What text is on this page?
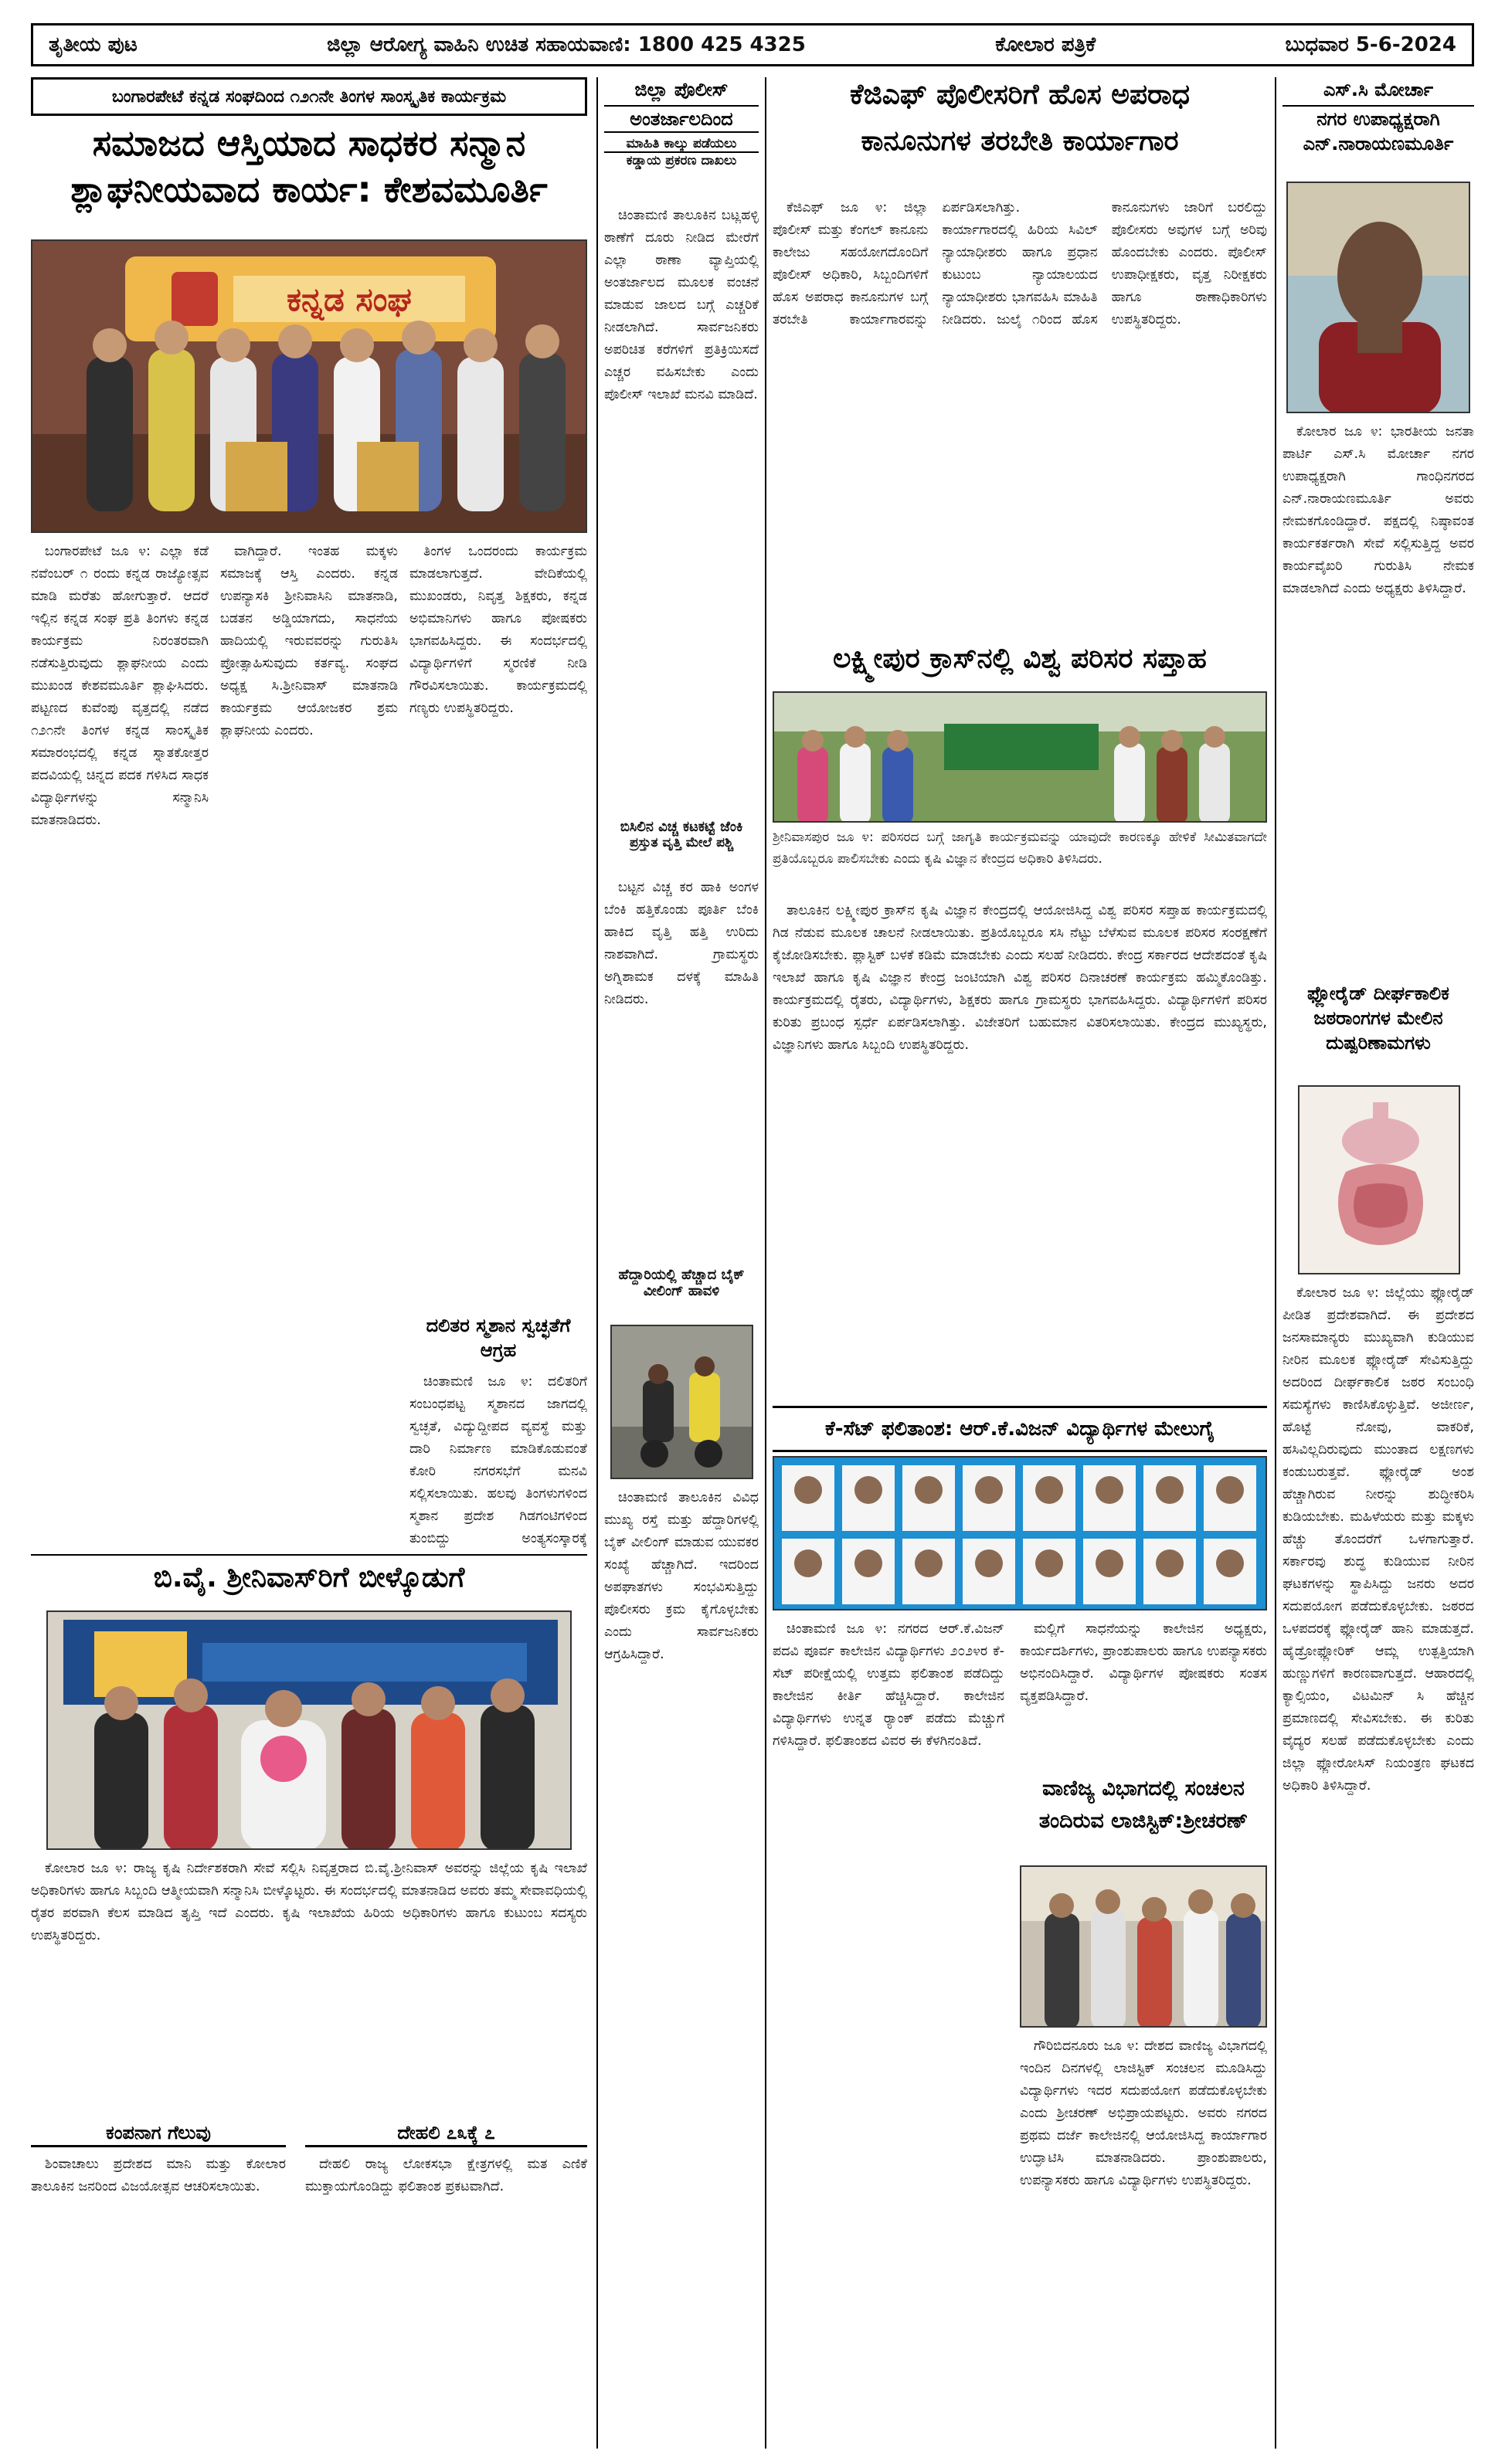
ತೃತೀಯ ಪುಟ	ಜಿಲ್ಲಾ ಆರೋಗ್ಯ ವಾಹಿನಿ ಉಚಿತ ಸಹಾಯವಾಣಿ: 1800 425 4325	ಕೋಲಾರ ಪತ್ರಿಕೆ	ಬುಧವಾರ 5-6-2024
ಬಂಗಾರಪೇಟೆ ಕನ್ನಡ ಸಂಘದಿಂದ ೧೨೧ನೇ ತಿಂಗಳ ಸಾಂಸ್ಕೃತಿಕ ಕಾರ್ಯಕ್ರಮ
ಸಮಾಜದ ಆಸ್ತಿಯಾದ ಸಾಧಕರ ಸನ್ಮಾನ
ಶ್ಲಾಘನೀಯವಾದ ಕಾರ್ಯ: ಕೇಶವಮೂರ್ತಿ
ಕನ್ನಡ ಸಂಘ

ಬಂಗಾರಪೇಟೆ ಜೂ ೪: ಎಲ್ಲಾ ಕಡೆ ನವೆಂಬರ್ ೧ ರಂದು ಕನ್ನಡ ರಾಜ್ಯೋತ್ಸವ ಮಾಡಿ ಮರೆತು ಹೋಗುತ್ತಾರೆ. ಆದರೆ ಇಲ್ಲಿನ ಕನ್ನಡ ಸಂಘ ಪ್ರತಿ ತಿಂಗಳು ಕನ್ನಡ ಕಾರ್ಯಕ್ರಮ ನಿರಂತರವಾಗಿ ನಡೆಸುತ್ತಿರುವುದು ಶ್ಲಾಘನೀಯ ಎಂದು ಮುಖಂಡ ಕೇಶವಮೂರ್ತಿ ಶ್ಲಾಘಿಸಿದರು. ಪಟ್ಟಣದ ಕುವೆಂಪು ವೃತ್ತದಲ್ಲಿ ನಡೆದ ೧೨೧ನೇ ತಿಂಗಳ ಕನ್ನಡ ಸಾಂಸ್ಕೃತಿಕ ಸಮಾರಂಭದಲ್ಲಿ ಕನ್ನಡ ಸ್ನಾತಕೋತ್ತರ ಪದವಿಯಲ್ಲಿ ಚಿನ್ನದ ಪದಕ ಗಳಿಸಿದ ಸಾಧಕ ವಿದ್ಯಾರ್ಥಿಗಳನ್ನು ಸನ್ಮಾನಿಸಿ ಮಾತನಾಡಿದರು.

ವಾಗಿದ್ದಾರೆ. ಇಂತಹ ಮಕ್ಕಳು ಸಮಾಜಕ್ಕೆ ಆಸ್ತಿ ಎಂದರು. ಕನ್ನಡ ಉಪನ್ಯಾಸಕಿ ಶ್ರೀನಿವಾಸಿನಿ ಮಾತನಾಡಿ, ಬಡತನ ಅಡ್ಡಿಯಾಗದು, ಸಾಧನೆಯ ಹಾದಿಯಲ್ಲಿ ಇರುವವರನ್ನು ಗುರುತಿಸಿ ಪ್ರೋತ್ಸಾಹಿಸುವುದು ಕರ್ತವ್ಯ. ಸಂಘದ ಅಧ್ಯಕ್ಷ ಸಿ.ಶ್ರೀನಿವಾಸ್ ಮಾತನಾಡಿ ಕಾರ್ಯಕ್ರಮ ಆಯೋಜಕರ ಶ್ರಮ ಶ್ಲಾಘನೀಯ ಎಂದರು.

ತಿಂಗಳ ಒಂದರಂದು ಕಾರ್ಯಕ್ರಮ ಮಾಡಲಾಗುತ್ತದೆ. ವೇದಿಕೆಯಲ್ಲಿ ಮುಖಂಡರು, ನಿವೃತ್ತ ಶಿಕ್ಷಕರು, ಕನ್ನಡ ಅಭಿಮಾನಿಗಳು ಹಾಗೂ ಪೋಷಕರು ಭಾಗವಹಿಸಿದ್ದರು. ಈ ಸಂದರ್ಭದಲ್ಲಿ ವಿದ್ಯಾರ್ಥಿಗಳಿಗೆ ಸ್ಮರಣಿಕೆ ನೀಡಿ ಗೌರವಿಸಲಾಯಿತು. ಕಾರ್ಯಕ್ರಮದಲ್ಲಿ ಗಣ್ಯರು ಉಪಸ್ಥಿತರಿದ್ದರು.

ಬಿ.ವೈ. ಶ್ರೀನಿವಾಸ್‌ರಿಗೆ ಬೀಳ್ಕೊಡುಗೆ

ಕೋಲಾರ ಜೂ ೪: ರಾಜ್ಯ ಕೃಷಿ ನಿರ್ದೇಶಕರಾಗಿ ಸೇವೆ ಸಲ್ಲಿಸಿ ನಿವೃತ್ತರಾದ ಬಿ.ವೈ.ಶ್ರೀನಿವಾಸ್ ಅವರನ್ನು ಜಿಲ್ಲೆಯ ಕೃಷಿ ಇಲಾಖೆ ಅಧಿಕಾರಿಗಳು ಹಾಗೂ ಸಿಬ್ಬಂದಿ ಆತ್ಮೀಯವಾಗಿ ಸನ್ಮಾನಿಸಿ ಬೀಳ್ಕೊಟ್ಟರು. ಈ ಸಂದರ್ಭದಲ್ಲಿ ಮಾತನಾಡಿದ ಅವರು ತಮ್ಮ ಸೇವಾವಧಿಯಲ್ಲಿ ರೈತರ ಪರವಾಗಿ ಕೆಲಸ ಮಾಡಿದ ತೃಪ್ತಿ ಇದೆ ಎಂದರು. ಕೃಷಿ ಇಲಾಖೆಯ ಹಿರಿಯ ಅಧಿಕಾರಿಗಳು ಹಾಗೂ ಕುಟುಂಬ ಸದಸ್ಯರು ಉಪಸ್ಥಿತರಿದ್ದರು.

ಕಂಪನಾಗ ಗೆಲುವು

ಶಿಂವಾಚಾಲು ಪ್ರದೇಶದ ಮಾನಿ ಮತ್ತು ಕೋಲಾರ ತಾಲೂಕಿನ ಜನರಿಂದ ವಿಜಯೋತ್ಸವ ಆಚರಿಸಲಾಯಿತು.

ದೇಹಲಿ ೭೩ಕ್ಕೆ ೭

ದೇಹಲಿ ರಾಜ್ಯ ಲೋಕಸಭಾ ಕ್ಷೇತ್ರಗಳಲ್ಲಿ ಮತ ಎಣಿಕೆ ಮುಕ್ತಾಯಗೊಂಡಿದ್ದು ಫಲಿತಾಂಶ ಪ್ರಕಟವಾಗಿದೆ.

ಜಿಲ್ಲಾ ಪೊಲೀಸ್
ಅಂತರ್ಜಾಲದಿಂದ
ಮಾಹಿತಿ ಕಾಲ್ಕು ಪಡೆಯಲು
ಕಡ್ಡಾಯ ಪ್ರಕರಣ ದಾಖಲು

ಚಿಂತಾಮಣಿ ತಾಲೂಕಿನ ಬಟ್ಲಹಳ್ಳಿ ಠಾಣೆಗೆ ದೂರು ನೀಡಿದ ಮೇರೆಗೆ ಎಲ್ಲಾ ಠಾಣಾ ವ್ಯಾಪ್ತಿಯಲ್ಲಿ ಅಂತರ್ಜಾಲದ ಮೂಲಕ ವಂಚನೆ ಮಾಡುವ ಜಾಲದ ಬಗ್ಗೆ ಎಚ್ಚರಿಕೆ ನೀಡಲಾಗಿದೆ. ಸಾರ್ವಜನಿಕರು ಅಪರಿಚಿತ ಕರೆಗಳಿಗೆ ಪ್ರತಿಕ್ರಿಯಿಸದೆ ಎಚ್ಚರ ವಹಿಸಬೇಕು ಎಂದು ಪೊಲೀಸ್ ಇಲಾಖೆ ಮನವಿ ಮಾಡಿದೆ.

ಬಿಸಿಲಿನ ವಿಚ್ಚ ಕಟಕಟ್ಟೆ ಜೆಂಕಿ
ಪ್ರಸ್ತುತ ವೃತ್ತಿ ಮೇಲೆ ಪಶ್ಚಿ

ಬಟ್ಟನ ವಿಚ್ಚ ಕರ ಹಾಕಿ ಅಂಗಳ ಬೆಂಕಿ ಹತ್ತಿಕೊಂಡು ಪೂರ್ತಿ ಬೆಂಕಿ ಹಾಕಿದ ವೃತ್ತಿ ಹತ್ತಿ ಉರಿದು ನಾಶವಾಗಿದೆ. ಗ್ರಾಮಸ್ಥರು ಅಗ್ನಿಶಾಮಕ ದಳಕ್ಕೆ ಮಾಹಿತಿ ನೀಡಿದರು.

ಹೆದ್ದಾರಿಯಲ್ಲಿ ಹೆಚ್ಚಾದ ಬೈಕ್ ವೀಲಿಂಗ್ ಹಾವಳಿ

ಚಿಂತಾಮಣಿ ತಾಲೂಕಿನ ವಿವಿಧ ಮುಖ್ಯ ರಸ್ತೆ ಮತ್ತು ಹೆದ್ದಾರಿಗಳಲ್ಲಿ ಬೈಕ್ ವೀಲಿಂಗ್ ಮಾಡುವ ಯುವಕರ ಸಂಖ್ಯೆ ಹೆಚ್ಚಾಗಿದೆ. ಇದರಿಂದ ಅಪಘಾತಗಳು ಸಂಭವಿಸುತ್ತಿದ್ದು ಪೊಲೀಸರು ಕ್ರಮ ಕೈಗೊಳ್ಳಬೇಕು ಎಂದು ಸಾರ್ವಜನಿಕರು ಆಗ್ರಹಿಸಿದ್ದಾರೆ.

ಕೆಜಿಎಫ್ ಪೊಲೀಸರಿಗೆ ಹೊಸ ಅಪರಾಧ
ಕಾನೂನುಗಳ ತರಬೇತಿ ಕಾರ್ಯಾಗಾರ

ಕೆಜಿಎಫ್ ಜೂ ೪: ಜಿಲ್ಲಾ ಪೊಲೀಸ್ ಮತ್ತು ಕೆಂಗಲ್ ಕಾನೂನು ಕಾಲೇಜು ಸಹಯೋಗದೊಂದಿಗೆ ಪೊಲೀಸ್ ಅಧಿಕಾರಿ, ಸಿಬ್ಬಂದಿಗಳಿಗೆ ಹೊಸ ಅಪರಾಧ ಕಾನೂನುಗಳ ಬಗ್ಗೆ ತರಬೇತಿ ಕಾರ್ಯಾಗಾರವನ್ನು ಏರ್ಪಡಿಸಲಾಗಿತ್ತು. ಕಾರ್ಯಾಗಾರದಲ್ಲಿ ಹಿರಿಯ ಸಿವಿಲ್ ನ್ಯಾಯಾಧೀಶರು ಹಾಗೂ ಪ್ರಧಾನ ಕುಟುಂಬ ನ್ಯಾಯಾಲಯದ ನ್ಯಾಯಾಧೀಶರು ಭಾಗವಹಿಸಿ ಮಾಹಿತಿ ನೀಡಿದರು. ಜುಲೈ ೧ರಿಂದ ಹೊಸ ಕಾನೂನುಗಳು ಜಾರಿಗೆ ಬರಲಿದ್ದು ಪೊಲೀಸರು ಅವುಗಳ ಬಗ್ಗೆ ಅರಿವು ಹೊಂದಬೇಕು ಎಂದರು. ಪೊಲೀಸ್ ಉಪಾಧೀಕ್ಷಕರು, ವೃತ್ತ ನಿರೀಕ್ಷಕರು ಹಾಗೂ ಠಾಣಾಧಿಕಾರಿಗಳು ಉಪಸ್ಥಿತರಿದ್ದರು.

ಲಕ್ಷ್ಮೀಪುರ ಕ್ರಾಸ್‌ನಲ್ಲಿ ವಿಶ್ವ ಪರಿಸರ ಸಪ್ತಾಹ

ಶ್ರೀನಿವಾಸಪುರ ಜೂ ೪: ಪರಿಸರದ ಬಗ್ಗೆ ಜಾಗೃತಿ ಕಾರ್ಯಕ್ರಮವನ್ನು ಯಾವುದೇ ಕಾರಣಕ್ಕೂ ಹೇಳಿಕೆ ಸೀಮಿತವಾಗದೇ ಪ್ರತಿಯೊಬ್ಬರೂ ಪಾಲಿಸಬೇಕು ಎಂದು ಕೃಷಿ ವಿಜ್ಞಾನ ಕೇಂದ್ರದ ಅಧಿಕಾರಿ ತಿಳಿಸಿದರು.

ತಾಲೂಕಿನ ಲಕ್ಷ್ಮೀಪುರ ಕ್ರಾಸ್‌ನ ಕೃಷಿ ವಿಜ್ಞಾನ ಕೇಂದ್ರದಲ್ಲಿ ಆಯೋಜಿಸಿದ್ದ ವಿಶ್ವ ಪರಿಸರ ಸಪ್ತಾಹ ಕಾರ್ಯಕ್ರಮದಲ್ಲಿ ಗಿಡ ನೆಡುವ ಮೂಲಕ ಚಾಲನೆ ನೀಡಲಾಯಿತು. ಪ್ರತಿಯೊಬ್ಬರೂ ಸಸಿ ನೆಟ್ಟು ಬೆಳೆಸುವ ಮೂಲಕ ಪರಿಸರ ಸಂರಕ್ಷಣೆಗೆ ಕೈಜೋಡಿಸಬೇಕು. ಪ್ಲಾಸ್ಟಿಕ್ ಬಳಕೆ ಕಡಿಮೆ ಮಾಡಬೇಕು ಎಂದು ಸಲಹೆ ನೀಡಿದರು. ಕೇಂದ್ರ ಸರ್ಕಾರದ ಆದೇಶದಂತೆ ಕೃಷಿ ಇಲಾಖೆ ಹಾಗೂ ಕೃಷಿ ವಿಜ್ಞಾನ ಕೇಂದ್ರ ಜಂಟಿಯಾಗಿ ವಿಶ್ವ ಪರಿಸರ ದಿನಾಚರಣೆ ಕಾರ್ಯಕ್ರಮ ಹಮ್ಮಿಕೊಂಡಿತ್ತು. ಕಾರ್ಯಕ್ರಮದಲ್ಲಿ ರೈತರು, ವಿದ್ಯಾರ್ಥಿಗಳು, ಶಿಕ್ಷಕರು ಹಾಗೂ ಗ್ರಾಮಸ್ಥರು ಭಾಗವಹಿಸಿದ್ದರು. ವಿದ್ಯಾರ್ಥಿಗಳಿಗೆ ಪರಿಸರ ಕುರಿತು ಪ್ರಬಂಧ ಸ್ಪರ್ಧೆ ಏರ್ಪಡಿಸಲಾಗಿತ್ತು. ವಿಜೇತರಿಗೆ ಬಹುಮಾನ ವಿತರಿಸಲಾಯಿತು. ಕೇಂದ್ರದ ಮುಖ್ಯಸ್ಥರು, ವಿಜ್ಞಾನಿಗಳು ಹಾಗೂ ಸಿಬ್ಬಂದಿ ಉಪಸ್ಥಿತರಿದ್ದರು.

ಕೆ-ಸೆಟ್ ಫಲಿತಾಂಶ: ಆರ್.ಕೆ.ವಿಜನ್ ವಿದ್ಯಾರ್ಥಿಗಳ ಮೇಲುಗೈ

ಚಿಂತಾಮಣಿ ಜೂ ೪: ನಗರದ ಆರ್.ಕೆ.ವಿಜನ್ ಪದವಿ ಪೂರ್ವ ಕಾಲೇಜಿನ ವಿದ್ಯಾರ್ಥಿಗಳು ೨೦೨೪ರ ಕೆ-ಸೆಟ್ ಪರೀಕ್ಷೆಯಲ್ಲಿ ಉತ್ತಮ ಫಲಿತಾಂಶ ಪಡೆದಿದ್ದು ಕಾಲೇಜಿನ ಕೀರ್ತಿ ಹೆಚ್ಚಿಸಿದ್ದಾರೆ. ಕಾಲೇಜಿನ ವಿದ್ಯಾರ್ಥಿಗಳು ಉನ್ನತ ರ್‍ಯಾಂಕ್ ಪಡೆದು ಮೆಚ್ಚುಗೆ ಗಳಿಸಿದ್ದಾರೆ. ಫಲಿತಾಂಶದ ವಿವರ ಈ ಕೆಳಗಿನಂತಿದೆ.

ಮಲ್ಲಿಗೆ ಸಾಧನೆಯನ್ನು ಕಾಲೇಜಿನ ಅಧ್ಯಕ್ಷರು, ಕಾರ್ಯದರ್ಶಿಗಳು, ಪ್ರಾಂಶುಪಾಲರು ಹಾಗೂ ಉಪನ್ಯಾಸಕರು ಅಭಿನಂದಿಸಿದ್ದಾರೆ. ವಿದ್ಯಾರ್ಥಿಗಳ ಪೋಷಕರು ಸಂತಸ ವ್ಯಕ್ತಪಡಿಸಿದ್ದಾರೆ.

ವಾಣಿಜ್ಯ ವಿಭಾಗದಲ್ಲಿ ಸಂಚಲನ
ತಂದಿರುವ ಲಾಜಿಸ್ಟಿಕ್:ಶ್ರೀಚರಣ್

ಗೌರಿಬಿದನೂರು ಜೂ ೪: ದೇಶದ ವಾಣಿಜ್ಯ ವಿಭಾಗದಲ್ಲಿ ಇಂದಿನ ದಿನಗಳಲ್ಲಿ ಲಾಜಿಸ್ಟಿಕ್ ಸಂಚಲನ ಮೂಡಿಸಿದ್ದು ವಿದ್ಯಾರ್ಥಿಗಳು ಇದರ ಸದುಪಯೋಗ ಪಡೆದುಕೊಳ್ಳಬೇಕು ಎಂದು ಶ್ರೀಚರಣ್ ಅಭಿಪ್ರಾಯಪಟ್ಟರು. ಅವರು ನಗರದ ಪ್ರಥಮ ದರ್ಜೆ ಕಾಲೇಜಿನಲ್ಲಿ ಆಯೋಜಿಸಿದ್ದ ಕಾರ್ಯಾಗಾರ ಉದ್ಘಾಟಿಸಿ ಮಾತನಾಡಿದರು. ಪ್ರಾಂಶುಪಾಲರು, ಉಪನ್ಯಾಸಕರು ಹಾಗೂ ವಿದ್ಯಾರ್ಥಿಗಳು ಉಪಸ್ಥಿತರಿದ್ದರು.

ಎಸ್.ಸಿ ಮೋರ್ಚಾ
ನಗರ ಉಪಾಧ್ಯಕ್ಷರಾಗಿ
ಎನ್.ನಾರಾಯಣಮೂರ್ತಿ

ಕೋಲಾರ ಜೂ ೪: ಭಾರತೀಯ ಜನತಾ ಪಾರ್ಟಿ ಎಸ್.ಸಿ ಮೋರ್ಚಾ ನಗರ ಉಪಾಧ್ಯಕ್ಷರಾಗಿ ಗಾಂಧಿನಗರದ ಎನ್.ನಾರಾಯಣಮೂರ್ತಿ ಅವರು ನೇಮಕಗೊಂಡಿದ್ದಾರೆ. ಪಕ್ಷದಲ್ಲಿ ನಿಷ್ಠಾವಂತ ಕಾರ್ಯಕರ್ತರಾಗಿ ಸೇವೆ ಸಲ್ಲಿಸುತ್ತಿದ್ದ ಅವರ ಕಾರ್ಯವೈಖರಿ ಗುರುತಿಸಿ ನೇಮಕ ಮಾಡಲಾಗಿದೆ ಎಂದು ಅಧ್ಯಕ್ಷರು ತಿಳಿಸಿದ್ದಾರೆ.

ಫ್ಲೋರೈಡ್ ದೀರ್ಘಕಾಲಿಕ
ಜಠರಾಂಗಗಳ ಮೇಲಿನ
ದುಷ್ಪರಿಣಾಮಗಳು

ಕೋಲಾರ ಜೂ ೪: ಜಿಲ್ಲೆಯು ಫ್ಲೋರೈಡ್ ಪೀಡಿತ ಪ್ರದೇಶವಾಗಿದೆ. ಈ ಪ್ರದೇಶದ ಜನಸಾಮಾನ್ಯರು ಮುಖ್ಯವಾಗಿ ಕುಡಿಯುವ ನೀರಿನ ಮೂಲಕ ಫ್ಲೋರೈಡ್ ಸೇವಿಸುತ್ತಿದ್ದು ಅದರಿಂದ ದೀರ್ಘಕಾಲಿಕ ಜಠರ ಸಂಬಂಧಿ ಸಮಸ್ಯೆಗಳು ಕಾಣಿಸಿಕೊಳ್ಳುತ್ತಿವೆ. ಅಜೀರ್ಣ, ಹೊಟ್ಟೆ ನೋವು, ವಾಕರಿಕೆ, ಹಸಿವಿಲ್ಲದಿರುವುದು ಮುಂತಾದ ಲಕ್ಷಣಗಳು ಕಂಡುಬರುತ್ತವೆ. ಫ್ಲೋರೈಡ್ ಅಂಶ ಹೆಚ್ಚಾಗಿರುವ ನೀರನ್ನು ಶುದ್ಧೀಕರಿಸಿ ಕುಡಿಯಬೇಕು. ಮಹಿಳೆಯರು ಮತ್ತು ಮಕ್ಕಳು ಹೆಚ್ಚು ತೊಂದರೆಗೆ ಒಳಗಾಗುತ್ತಾರೆ. ಸರ್ಕಾರವು ಶುದ್ಧ ಕುಡಿಯುವ ನೀರಿನ ಘಟಕಗಳನ್ನು ಸ್ಥಾಪಿಸಿದ್ದು ಜನರು ಅದರ ಸದುಪಯೋಗ ಪಡೆದುಕೊಳ್ಳಬೇಕು. ಜಠರದ ಒಳಪದರಕ್ಕೆ ಫ್ಲೋರೈಡ್ ಹಾನಿ ಮಾಡುತ್ತದೆ. ಹೈಡ್ರೋಫ್ಲೋರಿಕ್ ಆಮ್ಲ ಉತ್ಪತ್ತಿಯಾಗಿ ಹುಣ್ಣುಗಳಿಗೆ ಕಾರಣವಾಗುತ್ತದೆ. ಆಹಾರದಲ್ಲಿ ಕ್ಯಾಲ್ಸಿಯಂ, ವಿಟಮಿನ್ ಸಿ ಹೆಚ್ಚಿನ ಪ್ರಮಾಣದಲ್ಲಿ ಸೇವಿಸಬೇಕು. ಈ ಕುರಿತು ವೈದ್ಯರ ಸಲಹೆ ಪಡೆದುಕೊಳ್ಳಬೇಕು ಎಂದು ಜಿಲ್ಲಾ ಫ್ಲೋರೋಸಿಸ್ ನಿಯಂತ್ರಣ ಘಟಕದ ಅಧಿಕಾರಿ ತಿಳಿಸಿದ್ದಾರೆ.

ದಲಿತರ ಸ್ಮಶಾನ ಸ್ವಚ್ಛತೆಗೆ ಆಗ್ರಹ

ಚಿಂತಾಮಣಿ ಜೂ ೪: ದಲಿತರಿಗೆ ಸಂಬಂಧಪಟ್ಟ ಸ್ಮಶಾನದ ಜಾಗದಲ್ಲಿ ಸ್ವಚ್ಛತೆ, ವಿದ್ಯುದ್ದೀಪದ ವ್ಯವಸ್ಥೆ ಮತ್ತು ದಾರಿ ನಿರ್ಮಾಣ ಮಾಡಿಕೊಡುವಂತೆ ಕೋರಿ ನಗರಸಭೆಗೆ ಮನವಿ ಸಲ್ಲಿಸಲಾಯಿತು. ಹಲವು ತಿಂಗಳುಗಳಿಂದ ಸ್ಮಶಾನ ಪ್ರದೇಶ ಗಿಡಗಂಟಿಗಳಿಂದ ತುಂಬಿದ್ದು ಅಂತ್ಯಸಂಸ್ಕಾರಕ್ಕೆ
